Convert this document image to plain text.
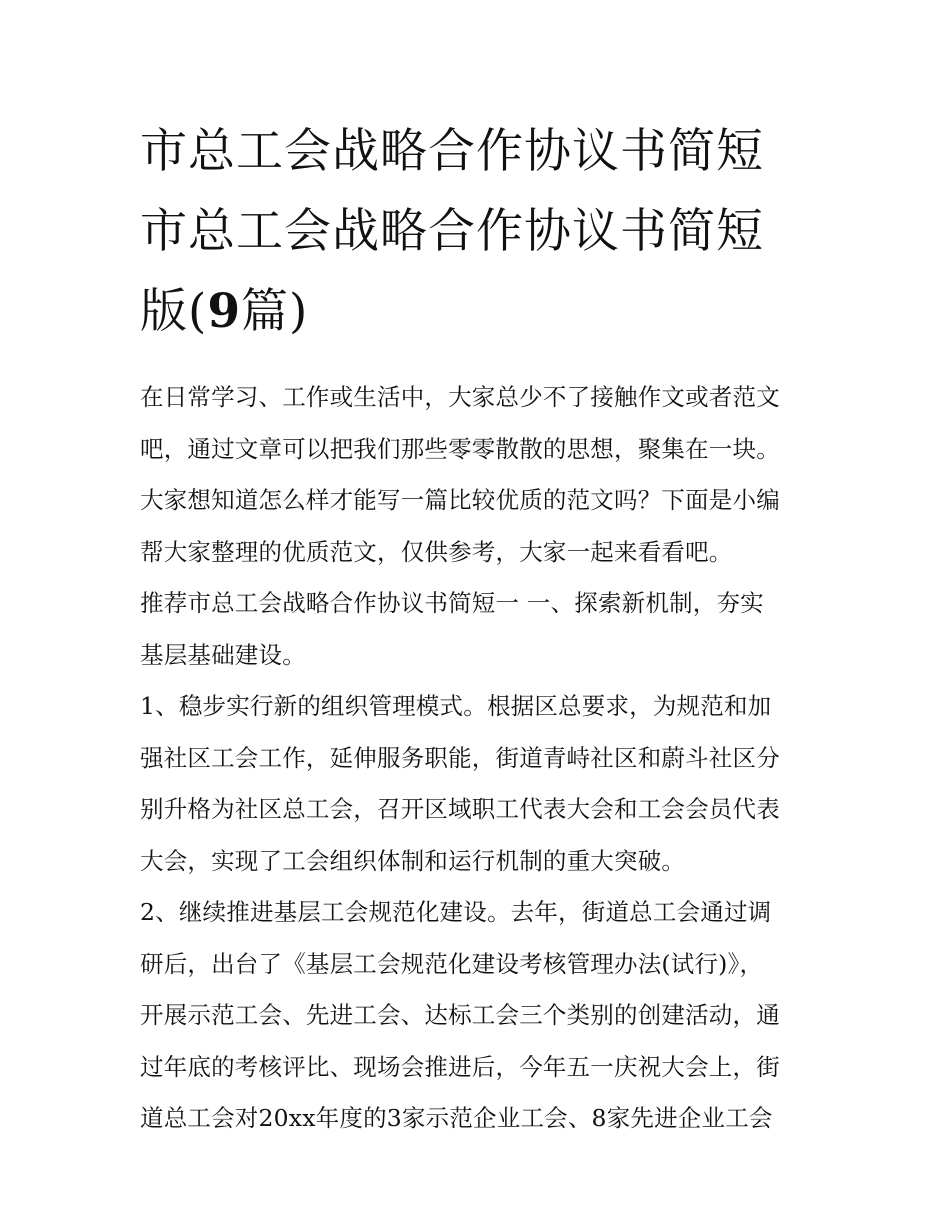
市总工会战略合作协议书简短
市总工会战略合作协议书简短
版(9篇)

在日常学习、工作或生活中，大家总少不了接触作文或者范文
吧，通过文章可以把我们那些零零散散的思想，聚集在一块。
大家想知道怎么样才能写一篇比较优质的范文吗？下面是小编
帮大家整理的优质范文，仅供参考，大家一起来看看吧。

推荐市总工会战略合作协议书简短一 一、探索新机制，夯实
基层基础建设。

1、稳步实行新的组织管理模式。根据区总要求，为规范和加
强社区工会工作，延伸服务职能，街道青峙社区和蔚斗社区分
别升格为社区总工会，召开区域职工代表大会和工会会员代表
大会，实现了工会组织体制和运行机制的重大突破。

2、继续推进基层工会规范化建设。去年，街道总工会通过调
研后，出台了《基层工会规范化建设考核管理办法(试行)》，
开展示范工会、先进工会、达标工会三个类别的创建活动，通
过年底的考核评比、现场会推进后，今年五一庆祝大会上，街
道总工会对20xx年度的3家示范企业工会、8家先进企业工会
